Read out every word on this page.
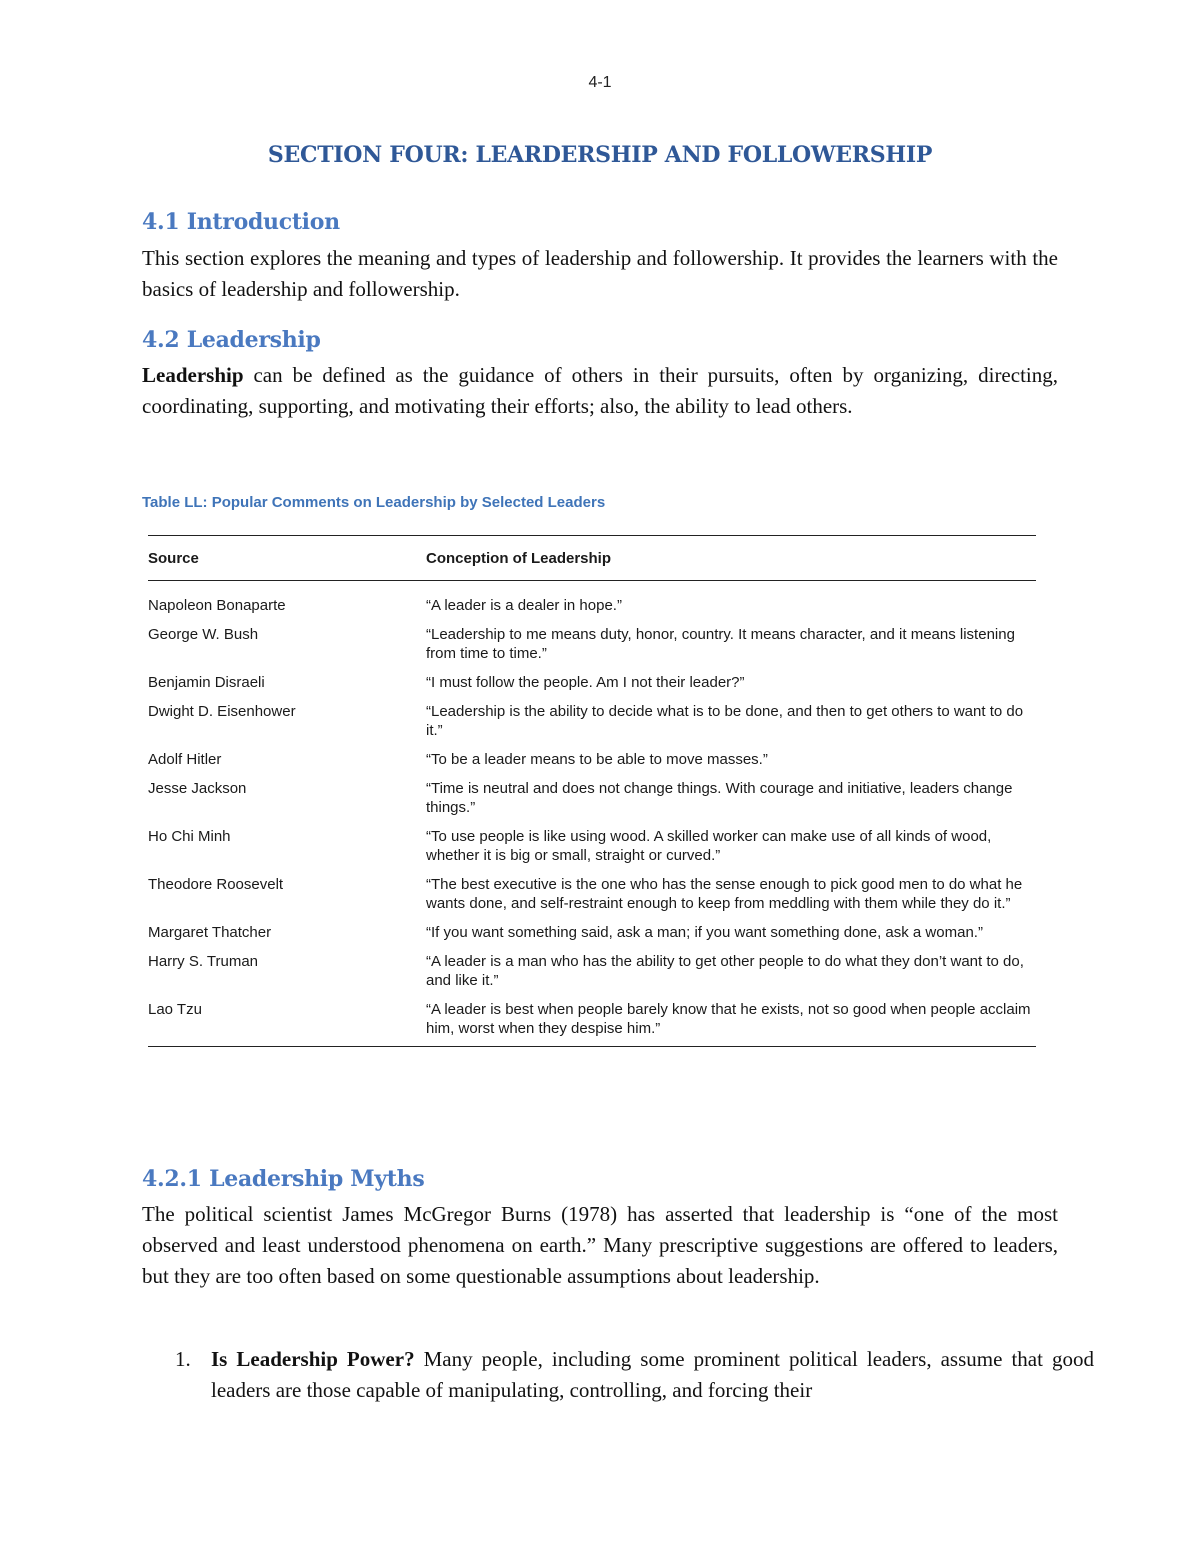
4-1
SECTION FOUR: LEARDERSHIP AND FOLLOWERSHIP
4.1 Introduction
This section explores the meaning and types of leadership and followership. It provides the learners with the basics of leadership and followership.
4.2 Leadership
Leadership can be defined as the guidance of others in their pursuits, often by organizing, directing, coordinating, supporting, and motivating their efforts; also, the ability to lead others.
Table LL: Popular Comments on Leadership by Selected Leaders
Source	Conception of Leadership
Napoleon Bonaparte	“A leader is a dealer in hope.”
George W. Bush	“Leadership to me means duty, honor, country. It means character, and it means listening from time to time.”
Benjamin Disraeli	“I must follow the people. Am I not their leader?”
Dwight D. Eisenhower	“Leadership is the ability to decide what is to be done, and then to get others to want to do it.”
Adolf Hitler	“To be a leader means to be able to move masses.”
Jesse Jackson	“Time is neutral and does not change things. With courage and initiative, leaders change things.”
Ho Chi Minh	“To use people is like using wood. A skilled worker can make use of all kinds of wood, whether it is big or small, straight or curved.”
Theodore Roosevelt	“The best executive is the one who has the sense enough to pick good men to do what he wants done, and self-restraint enough to keep from meddling with them while they do it.”
Margaret Thatcher	“If you want something said, ask a man; if you want something done, ask a woman.”
Harry S. Truman	“A leader is a man who has the ability to get other people to do what they don’t want to do, and like it.”
Lao Tzu	“A leader is best when people barely know that he exists, not so good when people acclaim him, worst when they despise him.”
4.2.1 Leadership Myths
The political scientist James McGregor Burns (1978) has asserted that leadership is “one of the most observed and least understood phenomena on earth.” Many prescriptive suggestions are offered to leaders, but they are too often based on some questionable assumptions about leadership.
1. Is Leadership Power? Many people, including some prominent political leaders, assume that good leaders are those capable of manipulating, controlling, and forcing their
